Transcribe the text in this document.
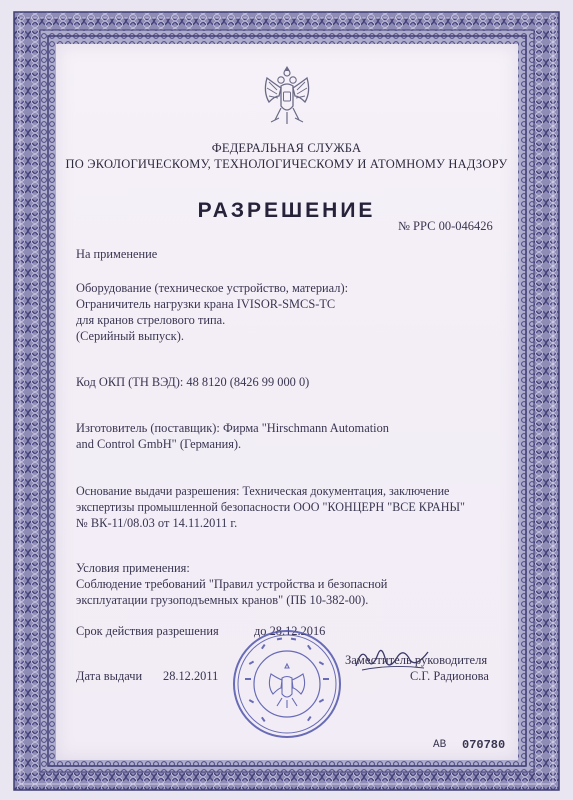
ФЕДЕРАЛЬНАЯ СЛУЖБА
ПО ЭКОЛОГИЧЕСКОМУ, ТЕХНОЛОГИЧЕСКОМУ И АТОМНОМУ НАДЗОРУ
РАЗРЕШЕНИЕ
№ РРС 00-046426
На применение
Оборудование (техническое устройство, материал):
Ограничитель нагрузки крана IVISOR-SMCS-TC
для кранов стрелового типа.
(Серийный выпуск).
Код ОКП (ТН ВЭД): 48 8120 (8426 99 000 0)
Изготовитель (поставщик): Фирма "Hirschmann Automation
and Control GmbH" (Германия).
Основание выдачи разрешения: Техническая документация, заключение
экспертизы промышленной безопасности ООО "КОНЦЕРН "ВСЕ КРАНЫ"
№ ВК-11/08.03 от 14.11.2011 г.
Условия применения:
Соблюдение требований "Правил устройства и безопасной
эксплуатации грузоподъемных кранов" (ПБ 10-382-00).
Срок действия разрешения	до 28.12.2016
Заместитель руководителя
Дата выдачи 28.12.2011	С.Г. Радионова
АВ 070780
